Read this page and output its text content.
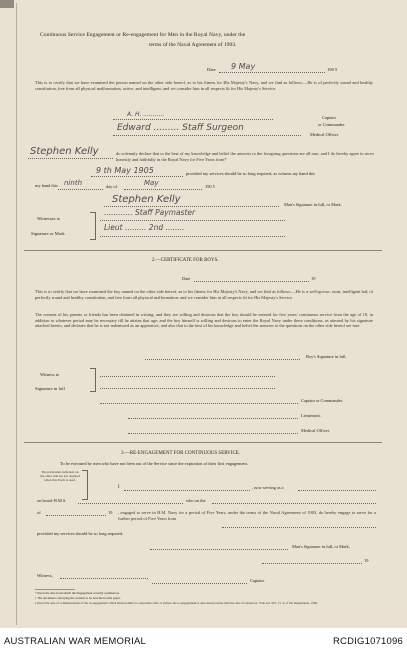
Continuous Service Engagement or Re-engagement for Men in the Royal Navy, under the
terms of the Naval Agreement of 1903.
Date 9 May	190 5
This is to certify that we have examined the person named on the other side hereof, as to his fitness for His Majesty's Navy, and we find as follows:—He is of perfectly sound and healthy constitution, free from all physical malformation, active, and intelligent; and we consider him in all respects fit for His Majesty's Service.
A. H. ...........	Captain
or Commander.
Edward ......... Staff Surgeon
Medical Officer.
Stephen Kelly	do solemnly declare that to the best of my knowledge and belief the answers to the foregoing questions are all true, and I do hereby agree to serve honestly and faithfully in the Royal Navy for Five Years from*
9 th May 1905	provided my services should be so long required, as witness my hand this
my hand this ninth	day of	May	190 5
Stephen Kelly	Man's Signature in full, or Mark.
Witnesses to
Signature or Mark
............ Staff Paymaster
Lieut ......... 2nd ........
2.—CERTIFICATE FOR BOYS.
Date	19
This is to certify that we have examined the boy named on the other side hereof, as to his fitness for His Majesty's Navy, and we find as follows:—He is a well-grown, stout, intelligent lad; of perfectly sound and healthy constitution, and free from all physical malformation; and we consider him in all respects fit for His Majesty's Service.
The consent of his parents or friends has been obtained in writing, and they are willing and desirous that the boy should be entered for five years' continuous service from the age of 18, in addition to whatever period may be necessary till he attains that age; and the boy himself is willing and desirous to enter the Royal Navy under these conditions, as attested by his signature attached hereto, and declares that he is not indentured as an apprentice, and also that to the best of his knowledge and belief the answers to the questions on the other side hereof are true.
Boy's Signature in full.
Witness to
Signature in full
Captain or Commander.
Lieutenant.
Medical Officer.
3.—RE-ENGAGEMENT FOR CONTINUOUS SERVICE.
To be executed by men who have not been out of the Service since the expiration of their first engagement.
The particulars indicated on the other side are not required when this Form is used.
I	, now serving as a
on board H.M.S.	who on the
of	19 , engaged to serve in H.M. Navy for a period of Five Years, under the terms of the Naval Agreement of 1903, do hereby engage to serve for a further period of Five Years from
provided my services should be so long required.
Man's Signature in full, or Mark,
19
Witness,
Captain.
* Insert the date from which the Engagement actually commences.
† The document conveying the consent to be attached to this paper.
‡ Insert the date of commencement of the re-engagement which should either be coincident with, or (where the re-engagement is ante-dated) earlier than the date of current ex. Vide Art. 907, Cl. 4, of the Regulations, 1906.
AUSTRALIAN WAR MEMORIAL	RCDIG1071096
